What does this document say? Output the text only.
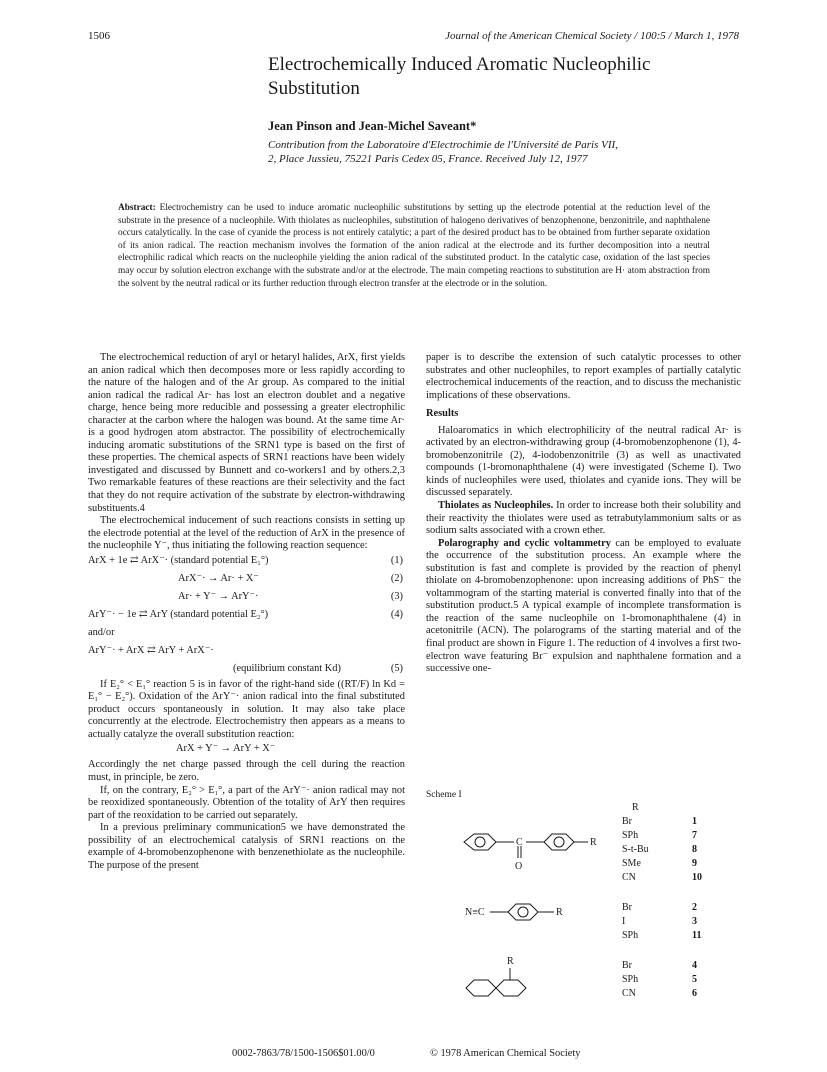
1506	Journal of the American Chemical Society / 100:5 / March 1, 1978
Electrochemically Induced Aromatic Nucleophilic
Substitution
Jean Pinson and Jean-Michel Saveant*
Contribution from the Laboratoire d'Electrochimie de l'Université de Paris VII,
2, Place Jussieu, 75221 Paris Cedex 05, France. Received July 12, 1977
Abstract: Electrochemistry can be used to induce aromatic nucleophilic substitutions by setting up the electrode potential at the reduction level of the substrate in the presence of a nucleophile. With thiolates as nucleophiles, substitution of halogeno derivatives of benzophenone, benzonitrile, and naphthalene occurs catalytically. In the case of cyanide the process is not entirely catalytic; a part of the desired product has to be obtained from further separate oxidation of its anion radical. The reaction mechanism involves the formation of the anion radical at the electrode and its further decomposition into a neutral electrophilic radical which reacts on the nucleophile yielding the anion radical of the substituted product. In the catalytic case, oxidation of the last species may occur by solution electron exchange with the substrate and/or at the electrode. The main competing reactions to substitution are H· atom abstraction from the solvent by the neutral radical or its further reduction through electron transfer at the electrode or in the solution.

The electrochemical reduction of aryl or hetaryl halides, ArX, first yields an anion radical which then decomposes more or less rapidly according to the nature of the halogen and of the Ar group. As compared to the initial anion radical the radical Ar· has lost an electron doublet and a negative charge, hence being more reducible and possessing a greater electrophilic character at the carbon where the halogen was bound. At the same time Ar· is a good hydrogen atom abstractor. The possibility of electrochemically inducing aromatic substitutions of the SRN1 type is based on the first of these properties. The chemical aspects of SRN1 reactions have been widely investigated and discussed by Bunnett and co-workers1 and by others.2,3 Two remarkable features of these reactions are their selectivity and the fact that they do not require activation of the substrate by electron-withdrawing substituents.4

The electrochemical inducement of such reactions consists in setting up the electrode potential at the level of the reduction of ArX in the presence of the nucleophile Y⁻, thus initiating the following reaction sequence:

ArX + 1e ⇄ ArX⁻· (standard potential E₁°)	(1)
ArX⁻· → Ar· + X⁻	(2)
Ar· + Y⁻ → ArY⁻·	(3)
ArY⁻· − 1e ⇄ ArY (standard potential E₂°)	(4)
and/or
ArY⁻· + ArX ⇄ ArY + ArX⁻·
(equilibrium constant Kd)	(5)

If E₂° < E₁° reaction 5 is in favor of the right-hand side ((RT/F) ln Kd = E₁° − E₂°). Oxidation of the ArY⁻· anion radical into the final substituted product occurs spontaneously in solution. It may also take place concurrently at the electrode. Electrochemistry then appears as a means to actually catalyze the overall substitution reaction:

ArX + Y⁻ → ArY + X⁻

Accordingly the net charge passed through the cell during the reaction must, in principle, be zero.

If, on the contrary, E₂° > E₁°, a part of the ArY⁻· anion radical may not be reoxidized spontaneously. Obtention of the totality of ArY then requires part of the reoxidation to be carried out separately.

In a previous preliminary communication5 we have demonstrated the possibility of an electrochemical catalysis of SRN1 reactions on the example of 4-bromobenzophenone with benzenethiolate as the nucleophile. The purpose of the present

paper is to describe the extension of such catalytic processes to other substrates and other nucleophiles, to report examples of partially catalytic electrochemical inducements of the reaction, and to discuss the mechanistic implications of these observations.

Results

Haloaromatics in which electrophilicity of the neutral radical Ar· is activated by an electron-withdrawing group (4-bromobenzophenone (1), 4-bromobenzonitrile (2), 4-iodobenzonitrile (3) as well as unactivated compounds (1-bromonaphthalene (4) were investigated (Scheme I). Two kinds of nucleophiles were used, thiolates and cyanide ions. They will be discussed separately.

Thiolates as Nucleophiles. In order to increase both their solubility and their reactivity the thiolates were used as tetrabutylammonium salts or as sodium salts associated with a crown ether.

Polarography and cyclic voltammetry can be employed to evaluate the occurrence of the substitution process. An example where the substitution is fast and complete is provided by the reaction of phenyl thiolate on 4-bromobenzophenone: upon increasing additions of PhS⁻ the voltammogram of the starting material is converted finally into that of the substitution product.5 A typical example of incomplete transformation is the reaction of the same nucleophile on 1-bromonaphthalene (4) in acetonitrile (ACN). The polarograms of the starting material and of the final product are shown in Figure 1. The reduction of 4 involves a first two-electron wave featuring Br⁻ expulsion and naphthalene formation and a successive one-

Scheme I
R
Br	1
SPh	7
S-t-Bu	8
SMe	9
CN	10
C
O
R
Br	2
I	3
SPh	11
N≡C	R
Br	4
SPh	5
CN	6
R
0002-7863/78/1500-1506$01.00/0	© 1978 American Chemical Society
